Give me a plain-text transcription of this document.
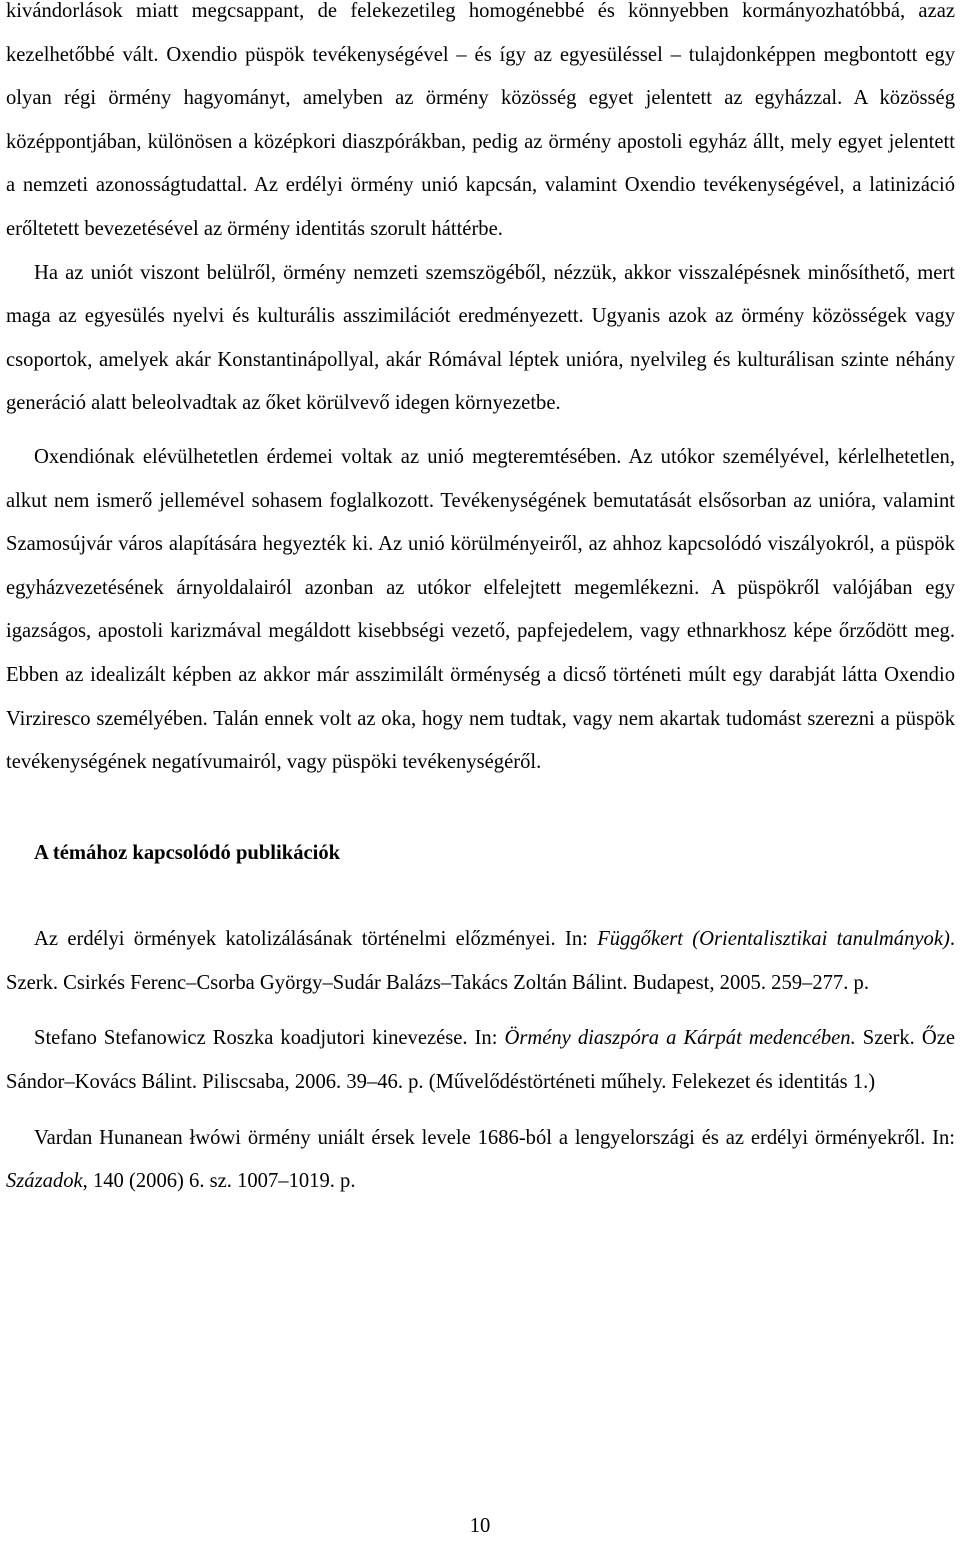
kivándorlások miatt megcsappant, de felekezetileg homogénebbé és könnyebben kormányozhatóbbá, azaz kezelhetőbbé vált. Oxendio püspök tevékenységével – és így az egyesüléssel – tulajdonképpen megbontott egy olyan régi örmény hagyományt, amelyben az örmény közösség egyet jelentett az egyházzal. A közösség középpontjában, különösen a középkori diaszpórákban, pedig az örmény apostoli egyház állt, mely egyet jelentett a nemzeti azonosságtudattal. Az erdélyi örmény unió kapcsán, valamint Oxendio tevékenységével, a latinizáció erőltetett bevezetésével az örmény identitás szorult háttérbe.

Ha az uniót viszont belülről, örmény nemzeti szemszögéből, nézzük, akkor visszalépésnek minősíthető, mert maga az egyesülés nyelvi és kulturális asszimilációt eredményezett. Ugyanis azok az örmény közösségek vagy csoportok, amelyek akár Konstantinápollyal, akár Rómával léptek unióra, nyelvileg és kulturálisan szinte néhány generáció alatt beleolvadtak az őket körülvevő idegen környezetbe.

Oxendiónak elévülhetetlen érdemei voltak az unió megteremtésében. Az utókor személyével, kérlelhetetlen, alkut nem ismerő jellemével sohasem foglalkozott. Tevékenységének bemutatását elsősorban az unióra, valamint Szamosújvár város alapítására hegyezték ki. Az unió körülményeiről, az ahhoz kapcsolódó viszályokról, a püspök egyházvezetésének árnyoldalairól azonban az utókor elfelejtett megemlékezni. A püspökről valójában egy igazságos, apostoli karizmával megáldott kisebbségi vezető, papfejedelem, vagy ethnarkhosz képe őrződött meg. Ebben az idealizált képben az akkor már asszimilált örménység a dicső történeti múlt egy darabját látta Oxendio Virziresco személyében. Talán ennek volt az oka, hogy nem tudtak, vagy nem akartak tudomást szerezni a püspök tevékenységének negatívumairól, vagy püspöki tevékenységéről.

A témához kapcsolódó publikációk

Az erdélyi örmények katolizálásának történelmi előzményei. In: Függőkert (Orientalisztikai tanulmányok). Szerk. Csirkés Ferenc–Csorba György–Sudár Balázs–Takács Zoltán Bálint. Budapest, 2005. 259–277. p.

Stefano Stefanowicz Roszka koadjutori kinevezése. In: Örmény diaszpóra a Kárpát medencében. Szerk. Őze Sándor–Kovács Bálint. Piliscsaba, 2006. 39–46. p. (Művelődéstörténeti műhely. Felekezet és identitás 1.)

Vardan Hunanean łwówi örmény uniált érsek levele 1686-ból a lengyelországi és az erdélyi örményekről. In: Századok, 140 (2006) 6. sz. 1007–1019. p.

10
